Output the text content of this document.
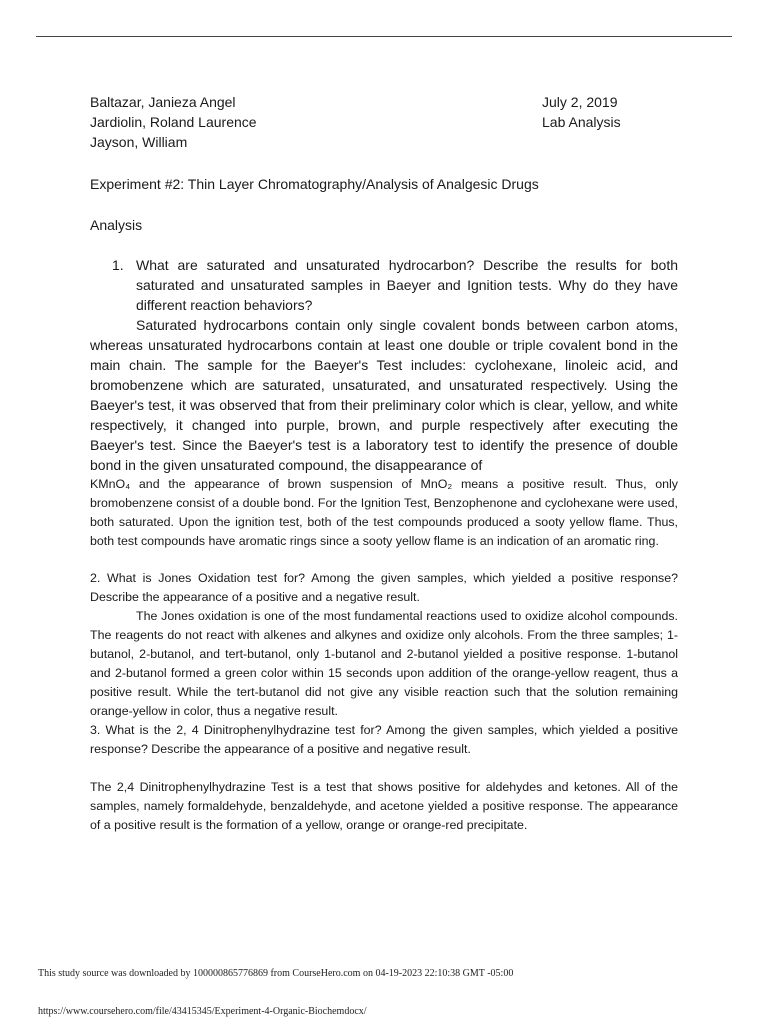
Baltazar, Janieza Angel
Jardiolin, Roland Laurence
Jayson, William
July 2, 2019
Lab Analysis
Experiment #2: Thin Layer Chromatography/Analysis of Analgesic Drugs
Analysis
1. What are saturated and unsaturated hydrocarbon? Describe the results for both saturated and unsaturated samples in Baeyer and Ignition tests. Why do they have different reaction behaviors?
Saturated hydrocarbons contain only single covalent bonds between carbon atoms, whereas unsaturated hydrocarbons contain at least one double or triple covalent bond in the main chain. The sample for the Baeyer's Test includes: cyclohexane, linoleic acid, and bromobenzene which are saturated, unsaturated, and unsaturated respectively. Using the Baeyer's test, it was observed that from their preliminary color which is clear, yellow, and white respectively, it changed into purple, brown, and purple respectively after executing the Baeyer's test. Since the Baeyer's test is a laboratory test to identify the presence of double bond in the given unsaturated compound, the disappearance of
KMnO₄ and the appearance of brown suspension of MnO₂ means a positive result. Thus, only bromobenzene consist of a double bond. For the Ignition Test, Benzophenone and cyclohexane were used, both saturated. Upon the ignition test, both of the test compounds produced a sooty yellow flame. Thus, both test compounds have aromatic rings since a sooty yellow flame is an indication of an aromatic ring.
2. What is Jones Oxidation test for? Among the given samples, which yielded a positive response? Describe the appearance of a positive and a negative result.
The Jones oxidation is one of the most fundamental reactions used to oxidize alcohol compounds. The reagents do not react with alkenes and alkynes and oxidize only alcohols. From the three samples; 1-butanol, 2-butanol, and tert-butanol, only 1-butanol and 2-butanol yielded a positive response. 1-butanol and 2-butanol formed a green color within 15 seconds upon addition of the orange-yellow reagent, thus a positive result. While the tert-butanol did not give any visible reaction such that the solution remaining orange-yellow in color, thus a negative result.
3. What is the 2, 4 Dinitrophenylhydrazine test for? Among the given samples, which yielded a positive response? Describe the appearance of a positive and negative result.
The 2,4 Dinitrophenylhydrazine Test is a test that shows positive for aldehydes and ketones. All of the samples, namely formaldehyde, benzaldehyde, and acetone yielded a positive response. The appearance of a positive result is the formation of a yellow, orange or orange-red precipitate.
This study source was downloaded by 100000865776869 from CourseHero.com on 04-19-2023 22:10:38 GMT -05:00
https://www.coursehero.com/file/43415345/Experiment-4-Organic-Biochemdocx/
